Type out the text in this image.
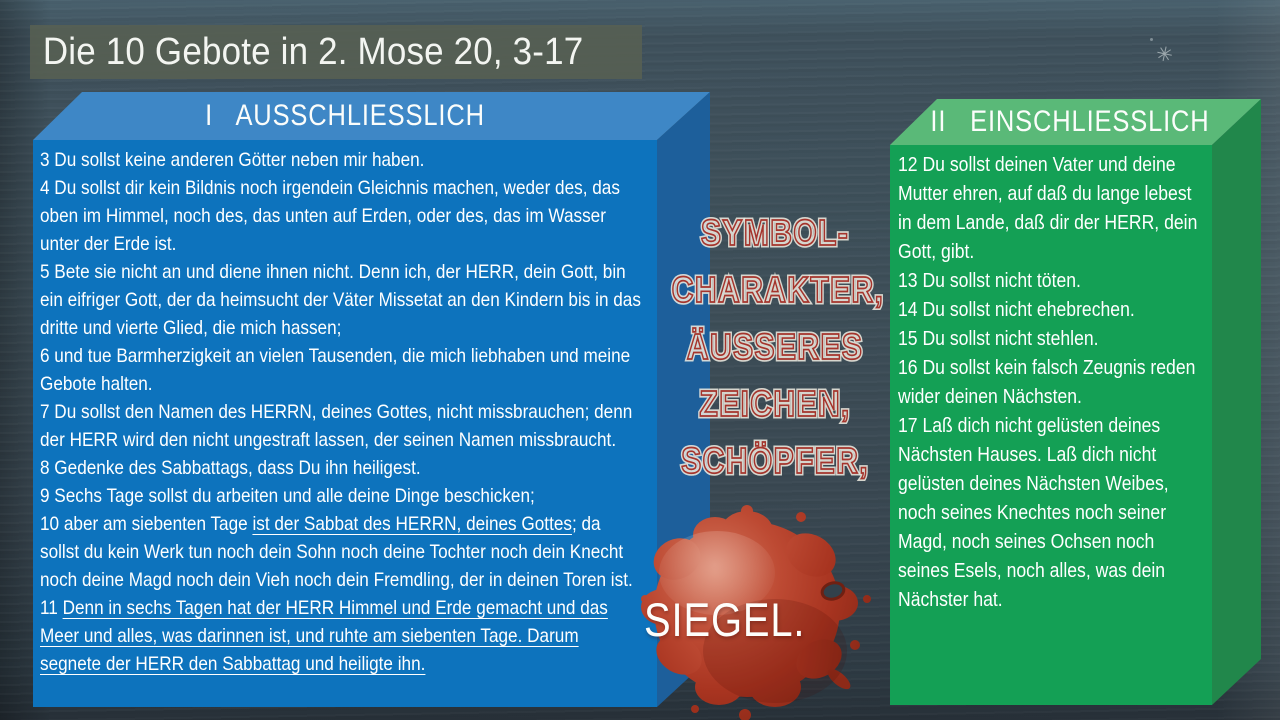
Die 10 Gebote in 2. Mose 20, 3-17
I   AUSSCHLIESSLICH	II   EINSCHLIESSLICH
3 Du sollst keine anderen Götter neben mir haben.
4 Du sollst dir kein Bildnis noch irgendein Gleichnis machen, weder des, das oben im Himmel, noch des, das unten auf Erden, oder des, das im Wasser unter der Erde ist.
5 Bete sie nicht an und diene ihnen nicht. Denn ich, der HERR, dein Gott, bin ein eifriger Gott, der da heimsucht der Väter Missetat an den Kindern bis in das dritte und vierte Glied, die mich hassen;
6 und tue Barmherzigkeit an vielen Tausenden, die mich liebhaben und meine Gebote halten.
7 Du sollst den Namen des HERRN, deines Gottes, nicht missbrauchen; denn der HERR wird den nicht ungestraft lassen, der seinen Namen missbraucht.
8 Gedenke des Sabbattags, dass Du ihn heiligest.
9 Sechs Tage sollst du arbeiten und alle deine Dinge beschicken;
10 aber am siebenten Tage ist der Sabbat des HERRN, deines Gottes; da sollst du kein Werk tun noch dein Sohn noch deine Tochter noch dein Knecht noch deine Magd noch dein Vieh noch dein Fremdling, der in deinen Toren ist.
11 Denn in sechs Tagen hat der HERR Himmel und Erde gemacht und das Meer und alles, was darinnen ist, und ruhte am siebenten Tage. Darum segnete der HERR den Sabbattag und heiligte ihn.
12 Du sollst deinen Vater und deine Mutter ehren, auf daß du lange lebest in dem Lande, daß dir der HERR, dein Gott, gibt.
13 Du sollst nicht töten.
14 Du sollst nicht ehebrechen.
15 Du sollst nicht stehlen.
16 Du sollst kein falsch Zeugnis reden wider deinen Nächsten.
17 Laß dich nicht gelüsten deines Nächsten Hauses. Laß dich nicht gelüsten deines Nächsten Weibes, noch seines Knechtes noch seiner Magd, noch seines Ochsen noch seines Esels, noch alles, was dein Nächster hat.
SYMBOL- SYMBOL-
CHARAKTER, CHARAKTER,
ÄUSSERES ÄUSSERES
ZEICHEN, ZEICHEN,
SCHÖPFER, SCHÖPFER,
SIEGEL.
✳
